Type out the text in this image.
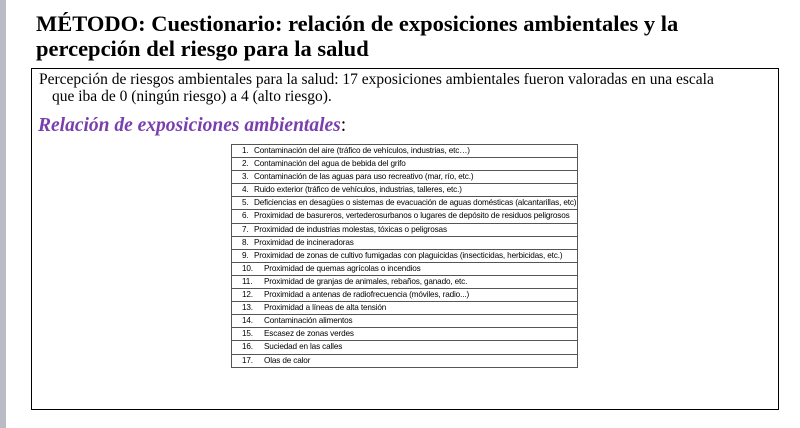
MÉTODO: Cuestionario: relación de exposiciones ambientales y la percepción del riesgo para la salud
Percepción de riesgos ambientales para la salud: 17 exposiciones ambientales fueron valoradas en una escala
que iba de 0 (ningún riesgo) a 4 (alto riesgo).
Relación de exposiciones ambientales:
1. Contaminación del aire (tráfico de vehículos, industrias, etc…)
2. Contaminación del agua de bebida del grifo
3. Contaminación de las aguas para uso recreativo (mar, río, etc.)
4. Ruido exterior (tráfico de vehículos, industrias, talleres, etc.)
5. Deficiencias en desagües o sistemas de evacuación de aguas domésticas (alcantarillas, etc)
6. Proximidad de basureros, vertederosurbanos o lugares de depósito de residuos peligrosos
7. Proximidad de industrias molestas, tóxicas o peligrosas
8. Proximidad de incineradoras
9. Proximidad de zonas de cultivo fumigadas con plaguicidas (insecticidas, herbicidas, etc.)
10. Proximidad de quemas agrícolas o incendios
11. Proximidad de granjas de animales, rebaños, ganado, etc.
12. Proximidad a antenas de radiofrecuencia (móviles, radio...)
13. Proximidad a líneas de alta tensión
14. Contaminación alimentos
15. Escasez de zonas verdes
16. Suciedad en las calles
17. Olas de calor
